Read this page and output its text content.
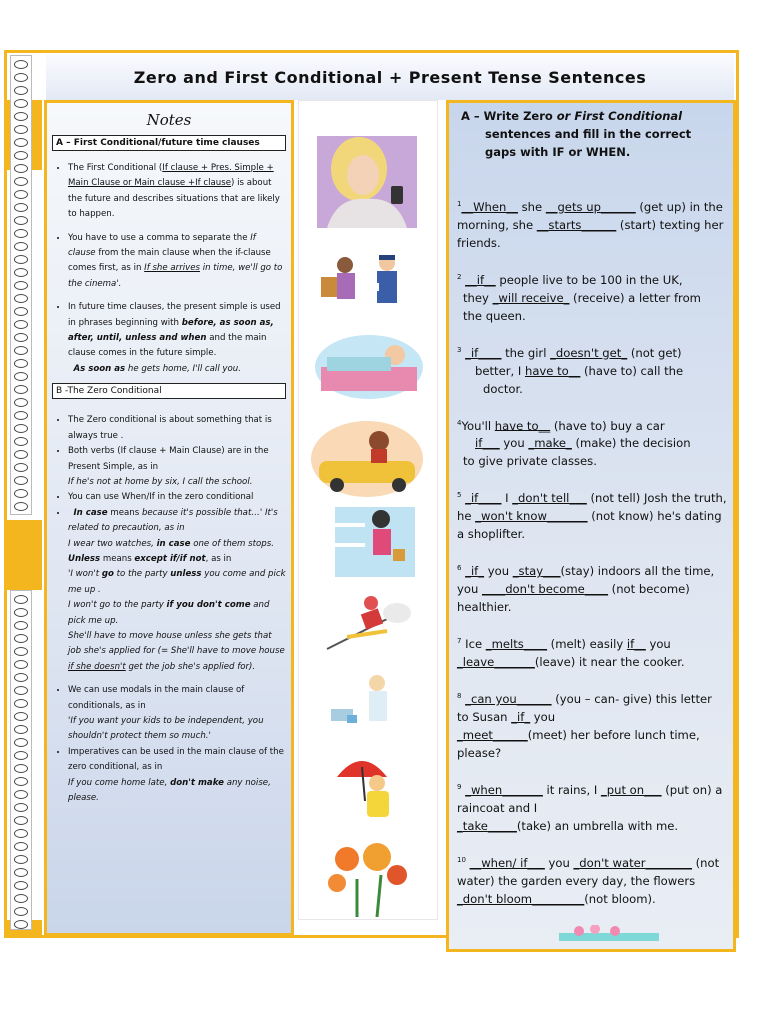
Zero and First Conditional + Present Tense Sentences
Notes
A – First Conditional/future time clauses
• The First Conditional (If clause + Pres. Simple + Main Clause or Main clause +If clause) is about the future and describes situations that are likely to happen.
• You have to use a comma to separate the If clause from the main clause when the if-clause comes first, as in If she arrives in time, we'll go to the cinema'.
• In future time clauses, the present simple is used in phrases beginning with before, as soon as, after, until, unless and when and the main clause comes in the future simple.
As soon as he gets home, I'll call you.
B -The Zero Conditional
• The Zero conditional is about something that is always true .
• Both verbs (If clause + Main Clause) are in the Present Simple, as in
If he's not at home by six, I call the school.
• You can use When/If in the zero conditional
• In case means because it's possible that…' It's related to precaution, as in
I wear two watches, in case one of them stops.
Unless means except if/if not, as in
'I won't go to the party unless you come and pick me up .
I won't go to the party if you don't come and pick me up.
She'll have to move house unless she gets that job she's applied for (= She'll have to move house if she doesn't get the job she's applied for).
• We can use modals in the main clause of conditionals, as in
'If you want your kids to be independent, you shouldn't protect them so much.'
• Imperatives can be used in the main clause of the zero conditional, as in
If you come home late, don't make any noise, please.
A – Write Zero or First Conditional
sentences and fill in the correct
gaps with IF or WHEN.
$^1$__When__ she __gets up______ (get up) in the morning, she __starts______ (start) texting her friends.
$^2$ __if__ people live to be 100 in the UK,
they _will receive_ (receive) a letter from
the queen.
$^3$ _if____ the girl _doesn't get_ (not get)
better, I have to__ (have to) call the
doctor.
$^4$You'll have to__ (have to) buy a car
if___ you _make_ (make) the decision
to give private classes.
$^5$ _if____ I _don't tell___ (not tell) Josh the truth, he _won't know_______ (not know) he's dating a shoplifter.
$^6$ _if_ you _stay___(stay) indoors all the time, you ____don't become____ (not become)
healthier.
$^7$ Ice _melts____ (melt) easily if__ you
_leave_______(leave) it near the cooker.
$^8$ _can you______ (you – can- give) this letter to Susan _if_ you
_meet______(meet) her before lunch time, please?
$^9$ _when_______ it rains, I _put on___ (put on) a raincoat and I
_take_____(take) an umbrella with me.
$^{10}$ __when/ if___ you _don't water________ (not water) the garden every day, the flowers _don't bloom_________(not bloom).
